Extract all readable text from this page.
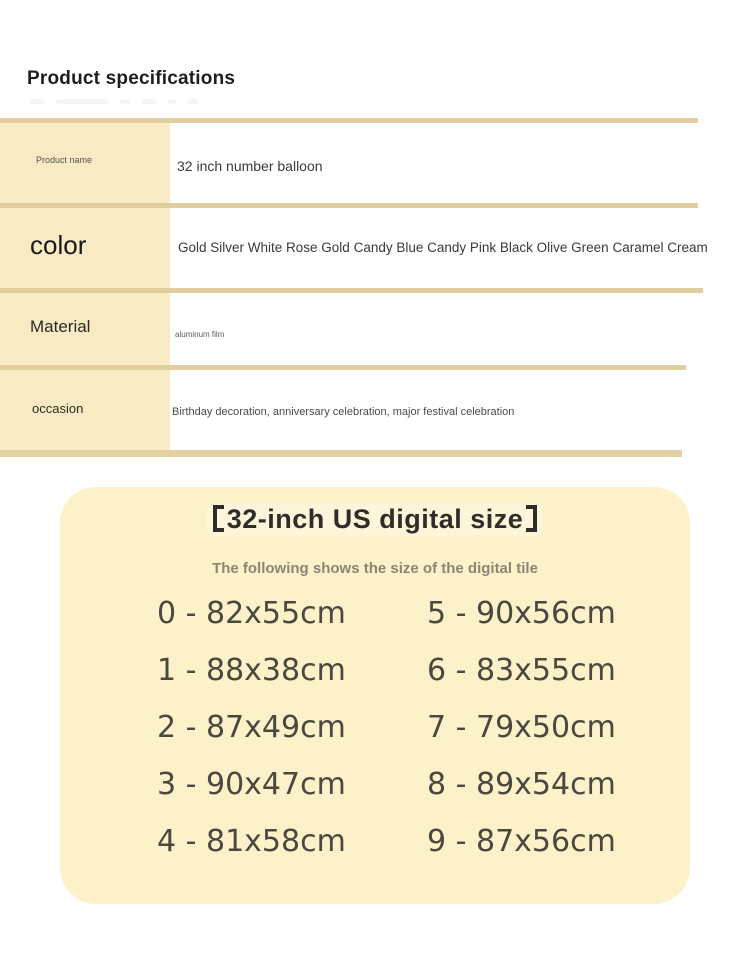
Product specifications
Product name	32 inch number balloon
color	Gold Silver White Rose Gold Candy Blue Candy Pink Black Olive Green Caramel Cream
Material	aluminum film
occasion	Birthday decoration, anniversary celebration, major festival celebration
32-inch US digital size
The following shows the size of the digital tile
0 - 82x55cm
1 - 88x38cm
2 - 87x49cm
3 - 90x47cm
4 - 81x58cm
5 - 90x56cm
6 - 83x55cm
7 - 79x50cm
8 - 89x54cm
9 - 87x56cm
